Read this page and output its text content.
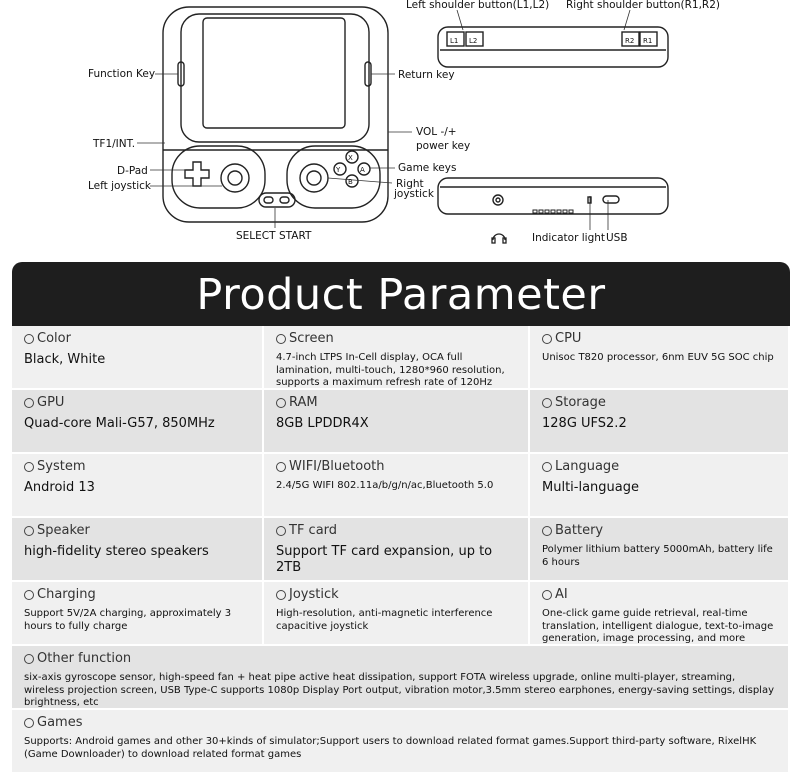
X
Y	A
B
Function Key	Return key
TF1/INT.
VOL -/+
power key
Game keys
D-Pad
Left joystick	Right
joystick
SELECT START
L1 L2	R2 R1
Left shoulder button(L1,L2) Right shoulder button(R1,R2)
Indicator light USB
Product Parameter
Color
Black, White
Screen
4.7-inch LTPS In-Cell display, OCA full lamination, multi-touch, 1280*960 resolution, supports a maximum refresh rate of 120Hz
CPU
Unisoc T820 processor, 6nm EUV 5G SOC chip
GPU
Quad-core Mali-G57, 850MHz
RAM
8GB LPDDR4X
Storage
128G UFS2.2
System
Android 13
WIFI/Bluetooth
2.4/5G WIFI 802.11a/b/g/n/ac,Bluetooth 5.0
Language
Multi-language
Speaker
high-fidelity stereo speakers
TF card
Support TF card expansion, up to 2TB
Battery
Polymer lithium battery 5000mAh, battery life 6 hours
Charging
Support 5V/2A charging, approximately 3 hours to fully charge
Joystick
High-resolution, anti-magnetic interference capacitive joystick
AI
One-click game guide retrieval, real-time translation, intelligent dialogue, text-to-image generation, image processing, and more
Other function
six-axis gyroscope sensor, high-speed fan + heat pipe active heat dissipation, support FOTA wireless upgrade, online multi-player, streaming, wireless projection screen, USB Type-C supports 1080p Display Port output, vibration motor,3.5mm stereo earphones, energy-saving settings, display brightness, etc
Games
Supports: Android games and other 30+kinds of simulator;Support users to download related format games.Support third-party software, RixelHK (Game Downloader) to download related format games
